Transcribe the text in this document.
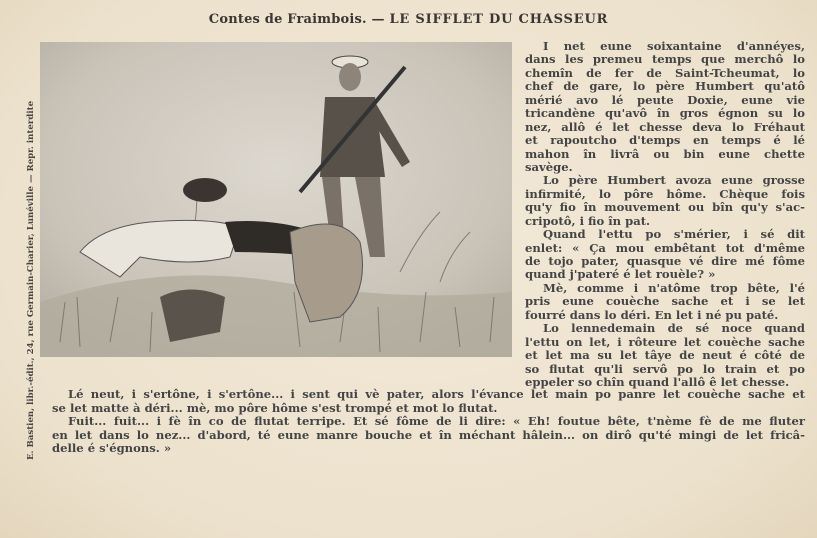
Contes de Fraimbois. — LE SIFFLET DU CHASSEUR
E. Bastien, libr.-édit., 24, rue Germain-Charier, Lunéville — Repr. interdite
I net eune soixantaine d'annéyes,
dans les premeu temps que merchô lo
chemîn de fer de Saint-Tcheumat, lo
chef de gare, lo père Humbert qu'atô
mérié avo lé peute Doxie, eune vie
tricandène qu'avô în gros égnon su lo
nez, allô é let chesse deva lo Fréhaut
et rapoutcho d'temps en temps é lé
mahon în livrâ ou bin eune chette
savège.
Lo père Humbert avoza eune grosse
infirmité, lo pôre hôme. Chèque fois
qu'y fio în mouvement ou bîn qu'y s'ac-
cripotô, i fio în pat.
Quand l'ettu po s'mérier, i sé dit
enlet: « Ça mou embêtant tot d'même
de tojo pater, quasque vé dire mé fôme
quand j'pateré é let rouèle? »
Mè, comme i n'atôme trop bête, l'é
pris eune couèche sache et i se let
fourré dans lo déri. En let i né pu paté.
Lo lennedemain de sé noce quand
l'ettu on let, i rôteure let couèche sache
et let ma su let tâye de neut é côté de
so flutat qu'li servô po lo train et po
eppeler so chîn quand l'allô ê let chesse.
Lé neut, i s'ertône, i s'ertône... i sent qui vè pater, alors l'évance let main po panre let couèche sache et
se let matte à déri... mè, mo pôre hôme s'est trompé et mot lo flutat.
Fuit... fuit... i fè în co de flutat terripe. Et sé fôme de li dire: « Eh! foutue bête, t'nème fè de me fluter
en let dans lo nez... d'abord, té eune manre bouche et în méchant hâlein... on dirô qu'té mingi de let fricâ-
delle é s'égnons. »
